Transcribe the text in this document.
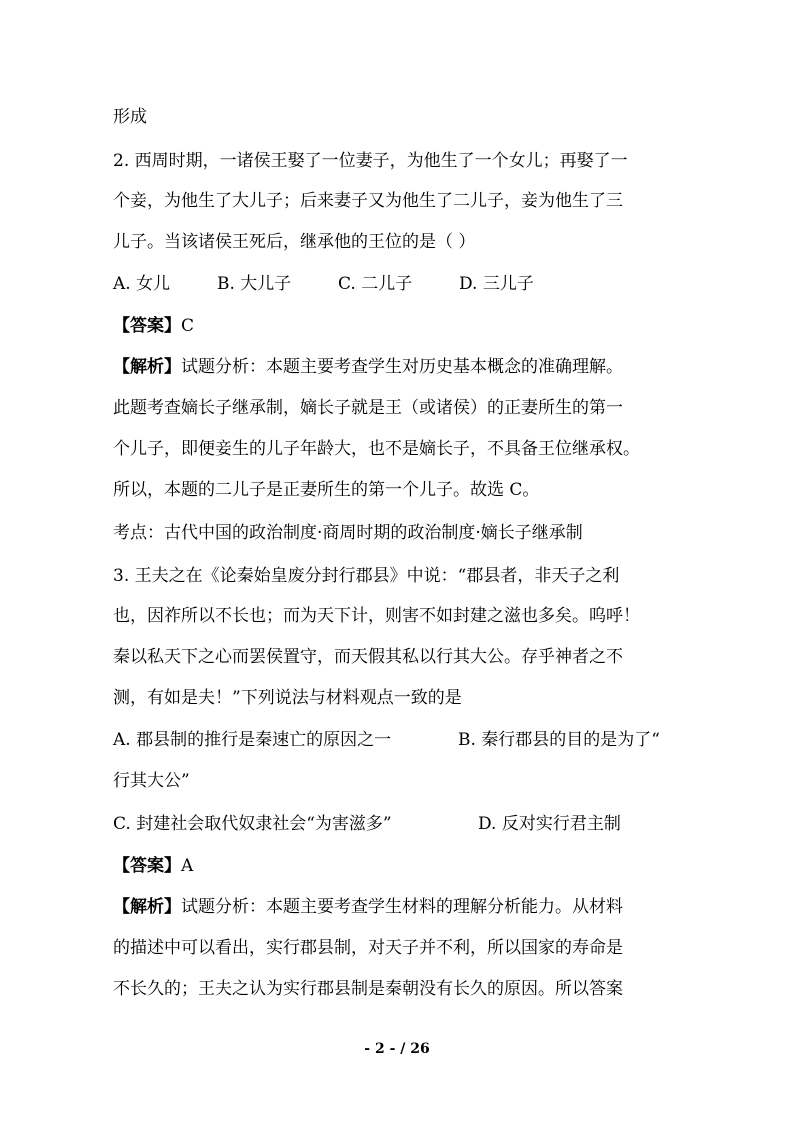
形成
2. 西周时期，一诸侯王娶了一位妻子，为他生了一个女儿；再娶了一
个妾，为他生了大儿子；后来妻子又为他生了二儿子，妾为他生了三
儿子。当该诸侯王死后，继承他的王位的是（ ）
A. 女儿	B. 大儿子	C. 二儿子	D. 三儿子
【答案】C
【解析】试题分析：本题主要考查学生对历史基本概念的准确理解。
此题考查嫡长子继承制，嫡长子就是王（或诸侯）的正妻所生的第一
个儿子，即便妾生的儿子年龄大，也不是嫡长子，不具备王位继承权。
所以，本题的二儿子是正妻所生的第一个儿子。故选 C。
考点：古代中国的政治制度·商周时期的政治制度·嫡长子继承制
3. 王夫之在《论秦始皇废分封行郡县》中说：“郡县者，非天子之利
也，因祚所以不长也；而为天下计，则害不如封建之滋也多矣。呜呼！
秦以私天下之心而罢侯置守，而天假其私以行其大公。存乎神者之不
测，有如是夫！”下列说法与材料观点一致的是
A. 郡县制的推行是秦速亡的原因之一	B. 秦行郡县的目的是为了“
行其大公”
C. 封建社会取代奴隶社会“为害滋多”	D. 反对实行君主制
【答案】A
【解析】试题分析：本题主要考查学生材料的理解分析能力。从材料
的描述中可以看出，实行郡县制，对天子并不利，所以国家的寿命是
不长久的；王夫之认为实行郡县制是秦朝没有长久的原因。所以答案
- 2 - / 26
